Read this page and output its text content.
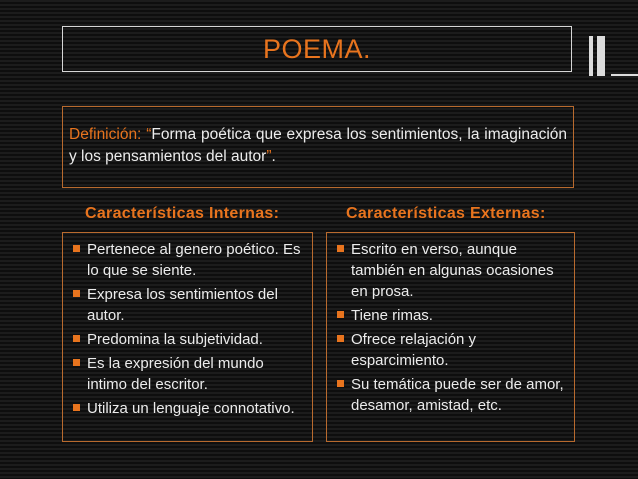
POEMA.
Definición: “Forma poética que expresa los sentimientos, la imaginación y los pensamientos del autor”.
Características Internas:	Características Externas:
Pertenece al genero poético. Es lo que se siente.
Expresa los sentimientos del autor.
Predomina la subjetividad.
Es la expresión del mundo intimo del escritor.
Utiliza un lenguaje connotativo.
Escrito en verso, aunque también en algunas ocasiones en prosa.
Tiene rimas.
Ofrece relajación y esparcimiento.
Su temática puede ser de amor, desamor, amistad, etc.
